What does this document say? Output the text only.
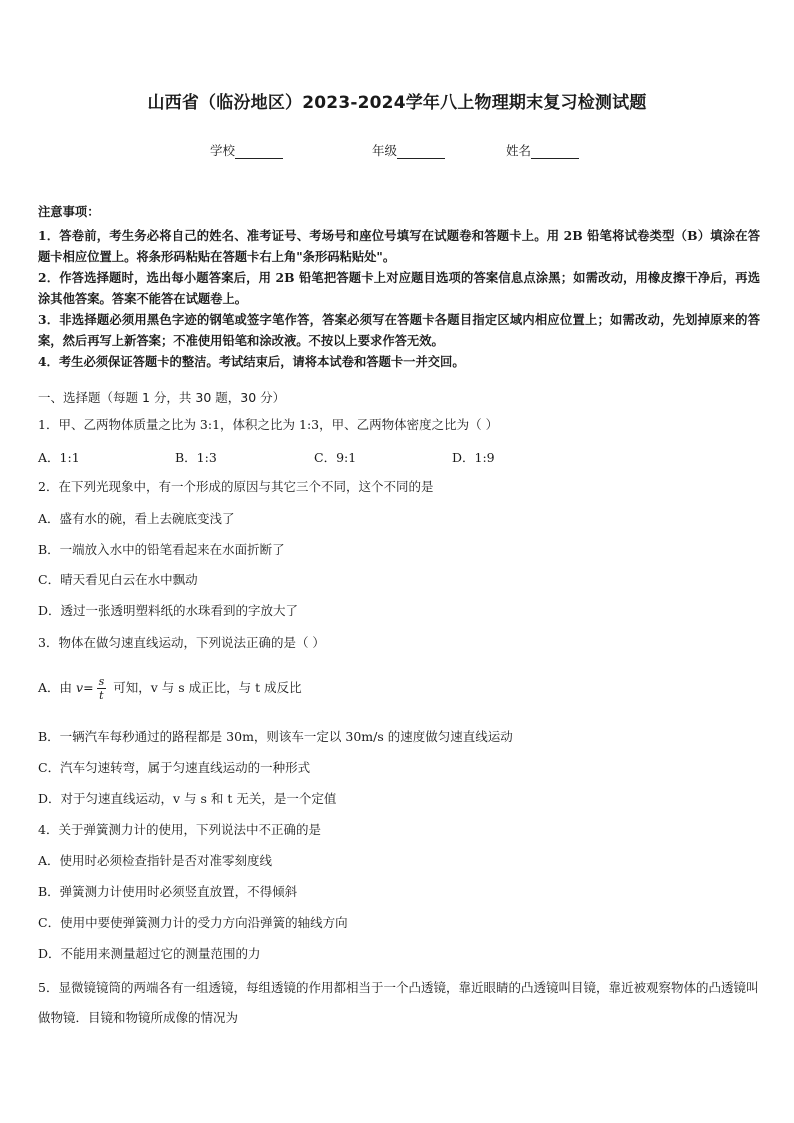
山西省（临汾地区）2023-2024学年八上物理期末复习检测试题
学校	年级	姓名
注意事项：
1．答卷前，考生务必将自己的姓名、准考证号、考场号和座位号填写在试题卷和答题卡上。用 2B 铅笔将试卷类型（B）填涂在答题卡相应位置上。将条形码粘贴在答题卡右上角"条形码粘贴处"。
2．作答选择题时，选出每小题答案后，用 2B 铅笔把答题卡上对应题目选项的答案信息点涂黑；如需改动，用橡皮擦干净后，再选涂其他答案。答案不能答在试题卷上。
3．非选择题必须用黑色字迹的钢笔或签字笔作答，答案必须写在答题卡各题目指定区域内相应位置上；如需改动，先划掉原来的答案，然后再写上新答案；不准使用铅笔和涂改液。不按以上要求作答无效。
4．考生必须保证答题卡的整洁。考试结束后，请将本试卷和答题卡一并交回。
一、选择题（每题 1 分，共 30 题，30 分）
1．甲、乙两物体质量之比为 3:1，体积之比为 1:3，甲、乙两物体密度之比为（ ）
A．1:1	B．1:3	C．9:1	D．1:9
2．在下列光现象中，有一个形成的原因与其它三个不同，这个不同的是
A．盛有水的碗，看上去碗底变浅了
B．一端放入水中的铅笔看起来在水面折断了
C．晴天看见白云在水中飘动
D．透过一张透明塑料纸的水珠看到的字放大了
3．物体在做匀速直线运动，下列说法正确的是（ ）
A．由 $v= \frac{s}{t}$ 可知，v 与 s 成正比，与 t 成反比
B．一辆汽车每秒通过的路程都是 30m，则该车一定以 30m/s 的速度做匀速直线运动
C．汽车匀速转弯，属于匀速直线运动的一种形式
D．对于匀速直线运动，v 与 s 和 t 无关，是一个定值
4．关于弹簧测力计的使用，下列说法中不正确的是
A．使用时必须检查指针是否对准零刻度线
B．弹簧测力计使用时必须竖直放置，不得倾斜
C．使用中要使弹簧测力计的受力方向沿弹簧的轴线方向
D．不能用来测量超过它的测量范围的力
5．显微镜镜筒的两端各有一组透镜，每组透镜的作用都相当于一个凸透镜，靠近眼睛的凸透镜叫目镜，靠近被观察物体的凸透镜叫做物镜．目镜和物镜所成像的情况为
